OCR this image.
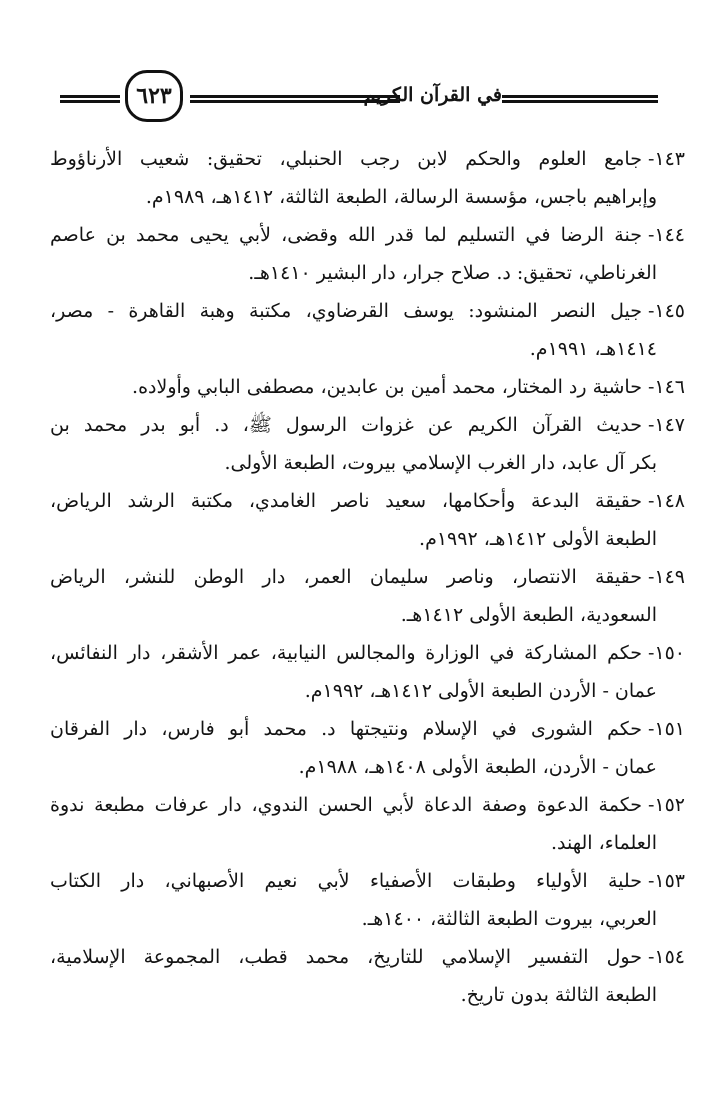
في القرآن الكريم
٦٢٣
١٤٣-جامع العلوم والحكم لابن رجب الحنبلي، تحقيق: شعيب الأرناؤوط
وإبراهيم باجس، مؤسسة الرسالة، الطبعة الثالثة، ١٤١٢هـ، ١٩٨٩م.
١٤٤-جنة الرضا في التسليم لما قدر الله وقضى، لأبي يحيى محمد بن عاصم
الغرناطي، تحقيق: د. صلاح جرار، دار البشير ١٤١٠هـ.
١٤٥-جيل النصر المنشود: يوسف القرضاوي، مكتبة وهبة القاهرة - مصر،
١٤١٤هـ، ١٩٩١م.
١٤٦-حاشية رد المختار، محمد أمين بن عابدين، مصطفى البابي وأولاده.
١٤٧-حديث القرآن الكريم عن غزوات الرسول ﷺ، د. أبو بدر محمد بن
بكر آل عابد، دار الغرب الإسلامي بيروت، الطبعة الأولى.
١٤٨-حقيقة البدعة وأحكامها، سعيد ناصر الغامدي، مكتبة الرشد الرياض،
الطبعة الأولى ١٤١٢هـ، ١٩٩٢م.
١٤٩-حقيقة الانتصار، وناصر سليمان العمر، دار الوطن للنشر، الرياض
السعودية، الطبعة الأولى ١٤١٢هـ.
١٥٠-حكم المشاركة في الوزارة والمجالس النيابية، عمر الأشقر، دار النفائس،
عمان - الأردن الطبعة الأولى ١٤١٢هـ، ١٩٩٢م.
١٥١-حكم الشورى في الإسلام ونتيجتها د. محمد أبو فارس، دار الفرقان
عمان - الأردن، الطبعة الأولى ١٤٠٨هـ، ١٩٨٨م.
١٥٢-حكمة الدعوة وصفة الدعاة لأبي الحسن الندوي، دار عرفات مطبعة ندوة
العلماء، الهند.
١٥٣-حلية الأولياء وطبقات الأصفياء لأبي نعيم الأصبهاني، دار الكتاب
العربي، بيروت الطبعة الثالثة، ١٤٠٠هـ.
١٥٤-حول التفسير الإسلامي للتاريخ، محمد قطب، المجموعة الإسلامية،
الطبعة الثالثة بدون تاريخ.
